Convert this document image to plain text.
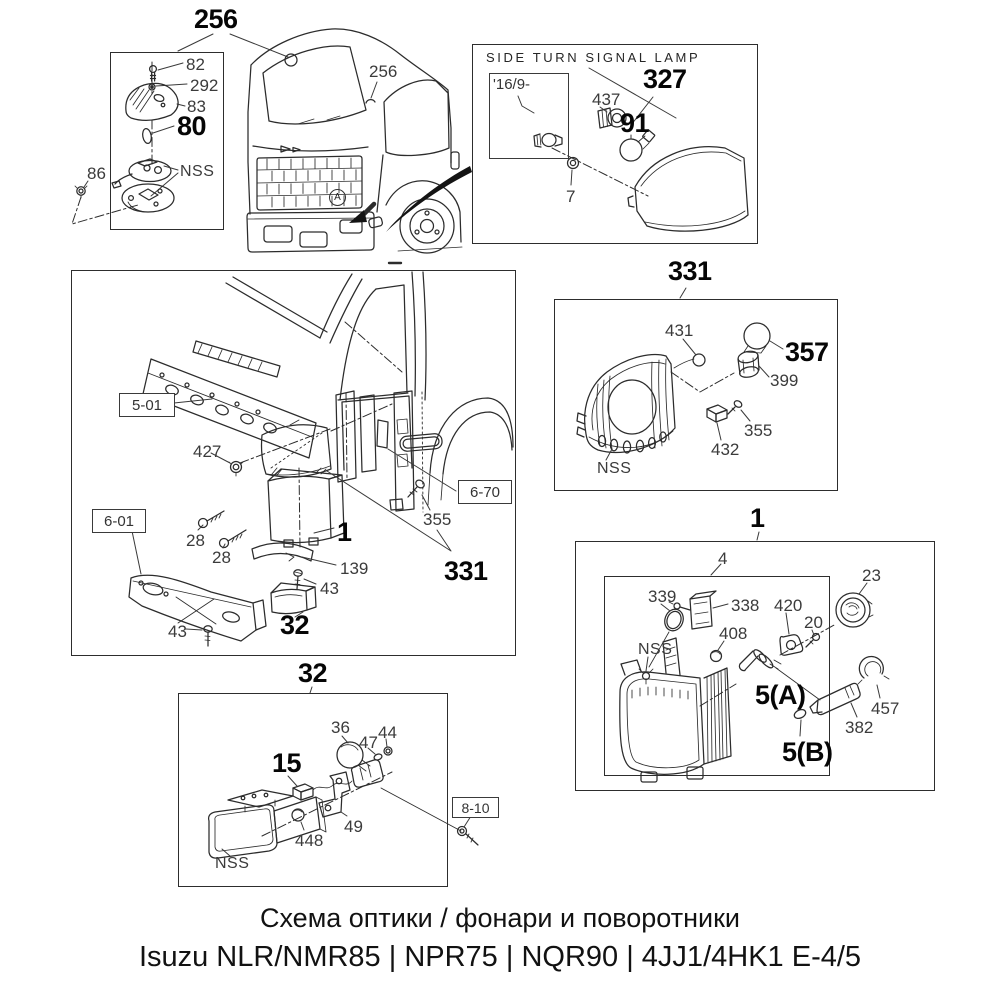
'16/9-
5-01
6-01
6-70
8-10
A
256
82
292
83
80
NSS
86
256
SIDE TURN SIGNAL LAMP
437
327
91
7
427
28
28
1
139
43
32
43
355
331
331
431
357
399
355
432
NSS
1
4
339	338 420
20
23
408
NSS
5(A)	457
382
5(B)
32
36 44
47
15
49
448
NSS
Схема оптики / фонари и поворотники
Isuzu NLR/NMR85 | NPR75 | NQR90 | 4JJ1/4HK1 E-4/5
